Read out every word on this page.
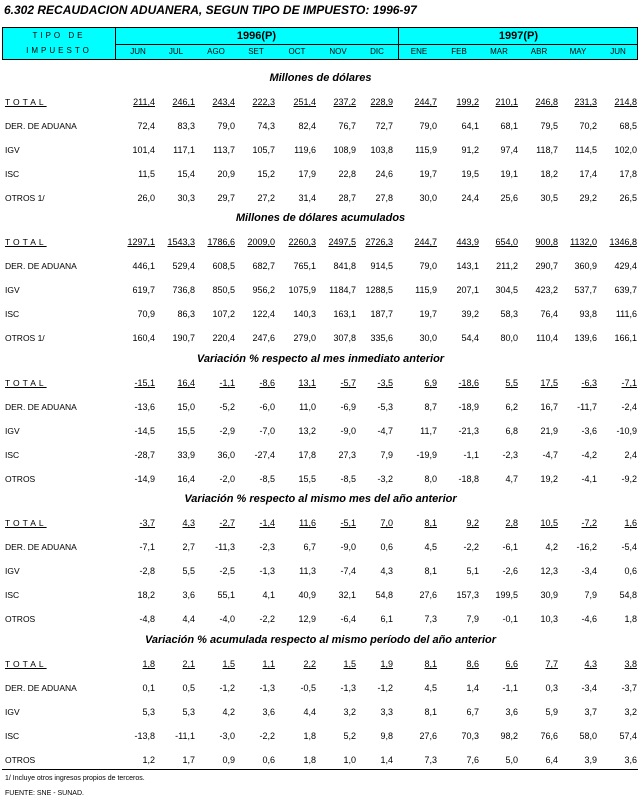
6.302 RECAUDACION ADUANERA, SEGUN TIPO DE IMPUESTO: 1996-97
TIPO DE
IMPUESTO
1996(P)	1997(P)
JUN	JUL	AGO	SET	OCT	NOV	DIC	ENE	FEB	MAR	ABR	MAY	JUN
Millones de dólares
TOTAL	211,4	246,1	243,4	222,3	251,4	237,2	228,9	244,7	199,2	210,1	246,8	231,3	214,8
DER. DE ADUANA	72,4	83,3	79,0	74,3	82,4	76,7	72,7	79,0	64,1	68,1	79,5	70,2	68,5
IGV	101,4	117,1	113,7	105,7	119,6	108,9	103,8	115,9	91,2	97,4	118,7	114,5	102,0
ISC	11,5	15,4	20,9	15,2	17,9	22,8	24,6	19,7	19,5	19,1	18,2	17,4	17,8
OTROS 1/	26,0	30,3	29,7	27,2	31,4	28,7	27,8	30,0	24,4	25,6	30,5	29,2	26,5
Millones de dólares acumulados
TOTAL	1297,1	1543,3	1786,6	2009,0	2260,3	2497,5	2726,3	244,7	443,9	654,0	900,8	1132,0	1346,8
DER. DE ADUANA	446,1	529,4	608,5	682,7	765,1	841,8	914,5	79,0	143,1	211,2	290,7	360,9	429,4
IGV	619,7	736,8	850,5	956,2	1075,9	1184,7	1288,5	115,9	207,1	304,5	423,2	537,7	639,7
ISC	70,9	86,3	107,2	122,4	140,3	163,1	187,7	19,7	39,2	58,3	76,4	93,8	111,6
OTROS 1/	160,4	190,7	220,4	247,6	279,0	307,8	335,6	30,0	54,4	80,0	110,4	139,6	166,1
Variación % respecto al mes inmediato anterior
TOTAL	-15,1	16,4	-1,1	-8,6	13,1	-5,7	-3,5	6,9	-18,6	5,5	17,5	-6,3	-7,1
DER. DE ADUANA	-13,6	15,0	-5,2	-6,0	11,0	-6,9	-5,3	8,7	-18,9	6,2	16,7	-11,7	-2,4
IGV	-14,5	15,5	-2,9	-7,0	13,2	-9,0	-4,7	11,7	-21,3	6,8	21,9	-3,6	-10,9
ISC	-28,7	33,9	36,0	-27,4	17,8	27,3	7,9	-19,9	-1,1	-2,3	-4,7	-4,2	2,4
OTROS	-14,9	16,4	-2,0	-8,5	15,5	-8,5	-3,2	8,0	-18,8	4,7	19,2	-4,1	-9,2
Variación % respecto al mismo mes del año anterior
TOTAL	-3,7	4,3	-2,7	-1,4	11,6	-5,1	7,0	8,1	9,2	2,8	10,5	-7,2	1,6
DER. DE ADUANA	-7,1	2,7	-11,3	-2,3	6,7	-9,0	0,6	4,5	-2,2	-6,1	4,2	-16,2	-5,4
IGV	-2,8	5,5	-2,5	-1,3	11,3	-7,4	4,3	8,1	5,1	-2,6	12,3	-3,4	0,6
ISC	18,2	3,6	55,1	4,1	40,9	32,1	54,8	27,6	157,3	199,5	30,9	7,9	54,8
OTROS	-4,8	4,4	-4,0	-2,2	12,9	-6,4	6,1	7,3	7,9	-0,1	10,3	-4,6	1,8
Variación % acumulada respecto al mismo período del año anterior
TOTAL	1,8	2,1	1,5	1,1	2,2	1,5	1,9	8,1	8,6	6,6	7,7	4,3	3,8
DER. DE ADUANA	0,1	0,5	-1,2	-1,3	-0,5	-1,3	-1,2	4,5	1,4	-1,1	0,3	-3,4	-3,7
IGV	5,3	5,3	4,2	3,6	4,4	3,2	3,3	8,1	6,7	3,6	5,9	3,7	3,2
ISC	-13,8	-11,1	-3,0	-2,2	1,8	5,2	9,8	27,6	70,3	98,2	76,6	58,0	57,4
OTROS	1,2	1,7	0,9	0,6	1,8	1,0	1,4	7,3	7,6	5,0	6,4	3,9	3,6
1/ Incluye otros ingresos propios de terceros.
FUENTE: SNE - SUNAD.
